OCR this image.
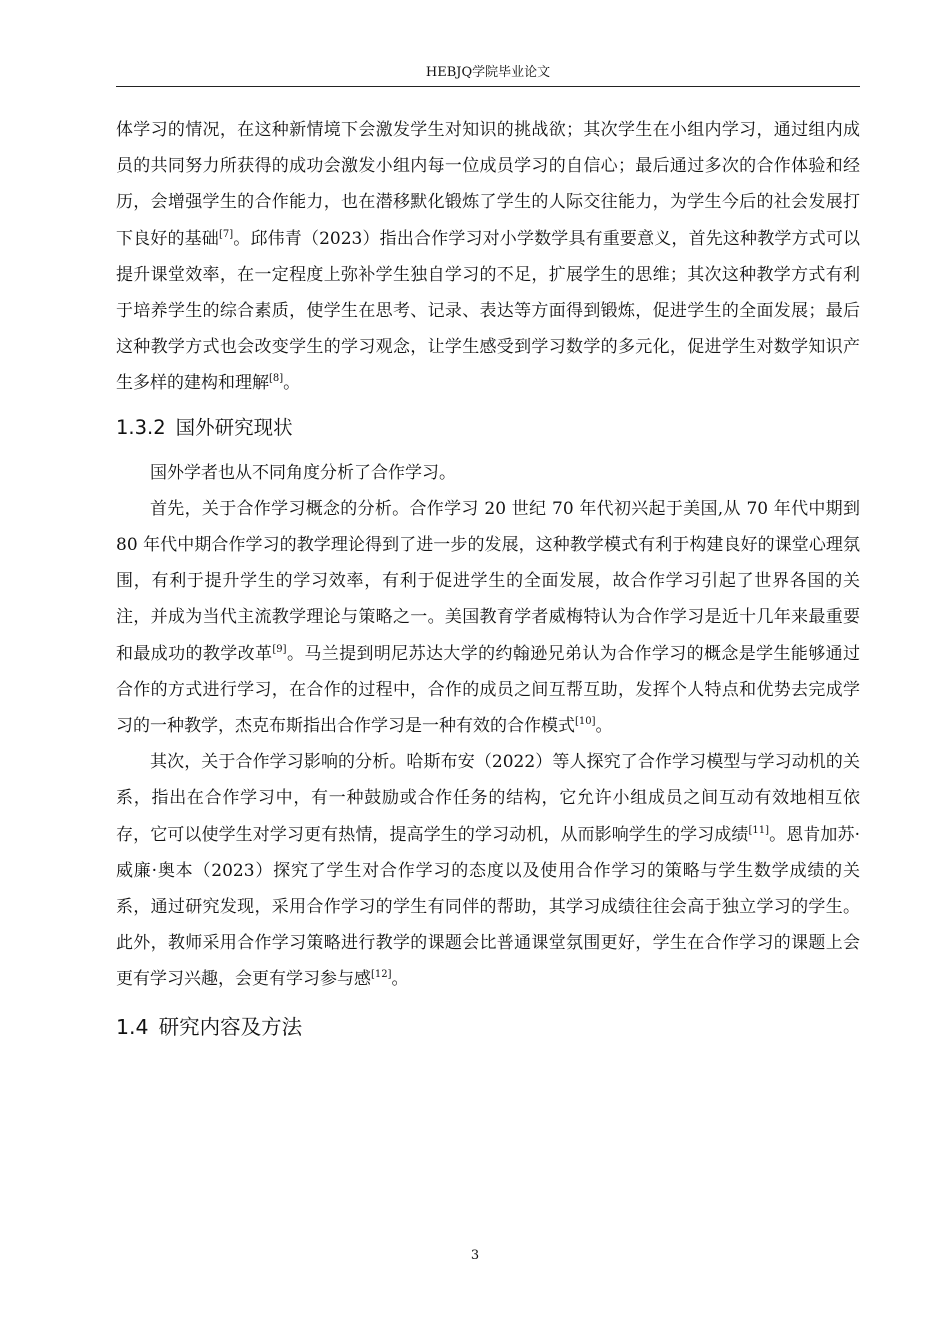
HEBJQ学院毕业论文

体学习的情况，在这种新情境下会激发学生对知识的挑战欲；其次学生在小组内学习，通过组内成员的共同努力所获得的成功会激发小组内每一位成员学习的自信心；最后通过多次的合作体验和经历，会增强学生的合作能力，也在潜移默化锻炼了学生的人际交往能力，为学生今后的社会发展打下良好的基础[7]。邱伟青（2023）指出合作学习对小学数学具有重要意义，首先这种教学方式可以提升课堂效率，在一定程度上弥补学生独自学习的不足，扩展学生的思维；其次这种教学方式有利于培养学生的综合素质，使学生在思考、记录、表达等方面得到锻炼，促进学生的全面发展；最后这种教学方式也会改变学生的学习观念，让学生感受到学习数学的多元化，促进学生对数学知识产生多样的建构和理解[8]。

1.3.2 国外研究现状

国外学者也从不同角度分析了合作学习。

首先，关于合作学习概念的分析。合作学习 20 世纪 70 年代初兴起于美国,从 70 年代中期到 80 年代中期合作学习的教学理论得到了进一步的发展，这种教学模式有利于构建良好的课堂心理氛围，有利于提升学生的学习效率，有利于促进学生的全面发展，故合作学习引起了世界各国的关注，并成为当代主流教学理论与策略之一。美国教育学者威梅特认为合作学习是近十几年来最重要和最成功的教学改革[9]。马兰提到明尼苏达大学的约翰逊兄弟认为合作学习的概念是学生能够通过合作的方式进行学习，在合作的过程中，合作的成员之间互帮互助，发挥个人特点和优势去完成学习的一种教学，杰克布斯指出合作学习是一种有效的合作模式[10]。

其次，关于合作学习影响的分析。哈斯布安（2022）等人探究了合作学习模型与学习动机的关系，指出在合作学习中，有一种鼓励或合作任务的结构，它允许小组成员之间互动有效地相互依存，它可以使学生对学习更有热情，提高学生的学习动机，从而影响学生的学习成绩[11]。恩肯加苏·威廉·奥本（2023）探究了学生对合作学习的态度以及使用合作学习的策略与学生数学成绩的关系，通过研究发现，采用合作学习的学生有同伴的帮助，其学习成绩往往会高于独立学习的学生。此外，教师采用合作学习策略进行教学的课题会比普通课堂氛围更好，学生在合作学习的课题上会更有学习兴趣，会更有学习参与感[12]。

1.4 研究内容及方法
3
